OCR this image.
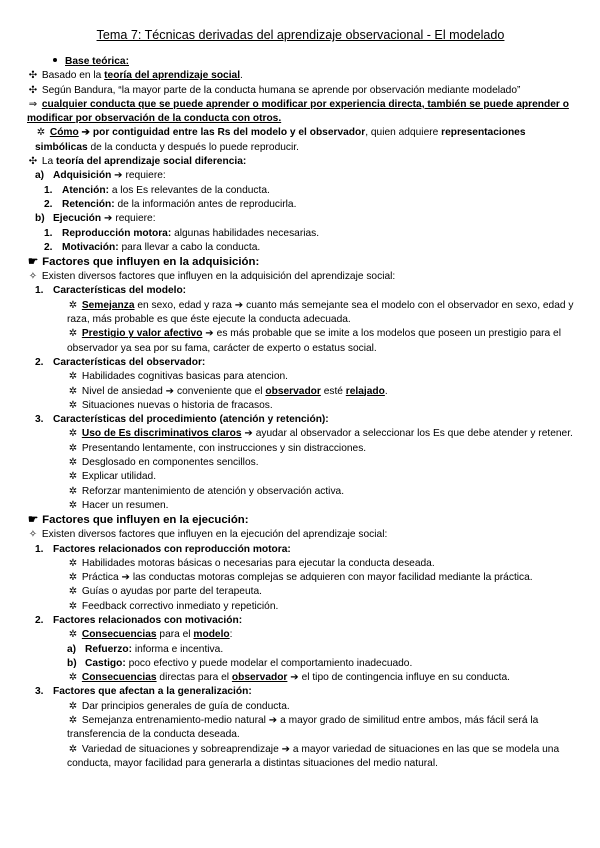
Tema 7: Técnicas derivadas del aprendizaje observacional - El modelado
Base teórica:
✣ Basado en la teoría del aprendizaje social.
✣ Según Bandura, “la mayor parte de la conducta humana se aprende por observación mediante modelado”
⇒ cualquier conducta que se puede aprender o modificar por experiencia directa, también se puede aprender o modificar por observación de la conducta con otros.
✲ Cómo ➔ por contiguidad entre las Rs del modelo y el observador, quien adquiere representaciones simbólicas de la conducta y después lo puede reproducir.
✣ La teoría del aprendizaje social diferencia:
a) Adquisición ➔ requiere:
1. Atención: a los Es relevantes de la conducta.
2. Retención: de la información antes de reproducirla.
b) Ejecución ➔ requiere:
1. Reproducción motora: algunas habilidades necesarias.
2. Motivación: para llevar a cabo la conducta.
☛ Factores que influyen en la adquisición:
✧ Existen diversos factores que influyen en la adquisición del aprendizaje social:
1. Características del modelo:
✲ Semejanza en sexo, edad y raza ➔ cuanto más semejante sea el modelo con el observador en sexo, edad y raza, más probable es que éste ejecute la conducta adecuada.
✲ Prestigio y valor afectivo ➔ es más probable que se imite a los modelos que poseen un prestigio para el observador ya sea por su fama, carácter de experto o estatus social.
2. Características del observador:
✲ Habilidades cognitivas basicas para atencion.
✲ Nivel de ansiedad ➔ conveniente que el observador esté relajado.
✲ Situaciones nuevas o historia de fracasos.
3. Características del procedimiento (atención y retención):
✲ Uso de Es discriminativos claros ➔ ayudar al observador a seleccionar los Es que debe atender y retener.
✲ Presentando lentamente, con instrucciones y sin distracciones.
✲ Desglosado en componentes sencillos.
✲ Explicar utilidad.
✲ Reforzar mantenimiento de atención y observación activa.
✲ Hacer un resumen.
☛ Factores que influyen en la ejecución:
✧ Existen diversos factores que influyen en la ejecución del aprendizaje social:
1. Factores relacionados con reproducción motora:
✲ Habilidades motoras básicas o necesarias para ejecutar la conducta deseada.
✲ Práctica ➔ las conductas motoras complejas se adquieren con mayor facilidad mediante la práctica.
✲ Guías o ayudas por parte del terapeuta.
✲ Feedback correctivo inmediato y repetición.
2. Factores relacionados con motivación:
✲ Consecuencias para el modelo:
a) Refuerzo: informa e incentiva.
b) Castigo: poco efectivo y puede modelar el comportamiento inadecuado.
✲ Consecuencias directas para el observador ➔ el tipo de contingencia influye en su conducta.
3. Factores que afectan a la generalización:
✲ Dar principios generales de guía de conducta.
✲ Semejanza entrenamiento-medio natural ➔ a mayor grado de similitud entre ambos, más fácil será la transferencia de la conducta deseada.
✲ Variedad de situaciones y sobreaprendizaje ➔ a mayor variedad de situaciones en las que se modela una conducta, mayor facilidad para generarla a distintas situaciones del medio natural.
